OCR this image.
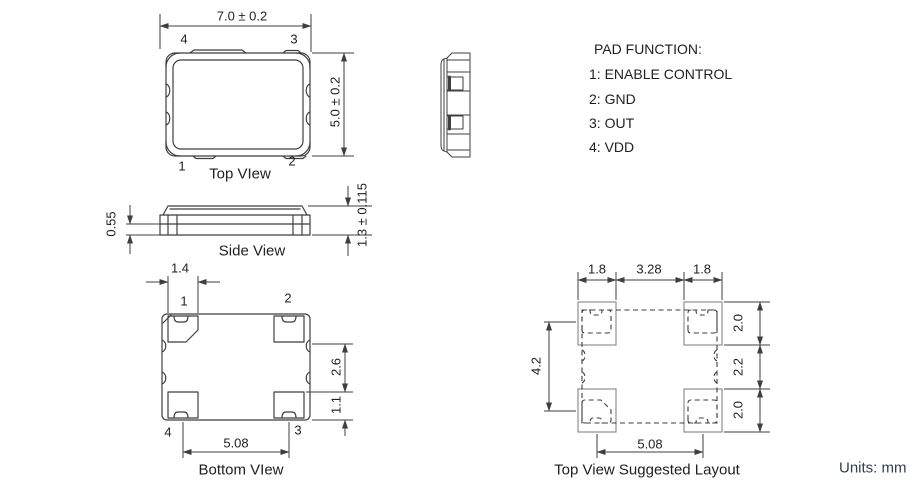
7.0 ± 0.2
4	3
1	2
5.0 ± 0.2
Top VIew
0.55	1.3 ± 0.115
Side View
1.4
1	2
4	3
2.6
1.1
5.08
Bottom VIew
1.8 3.28 1.8
4.2
2.0
2.2
2.0
5.08
Top View Suggested Layout
PAD FUNCTION:
1: ENABLE CONTROL
2: GND
3: OUT
4: VDD
Units: mm
